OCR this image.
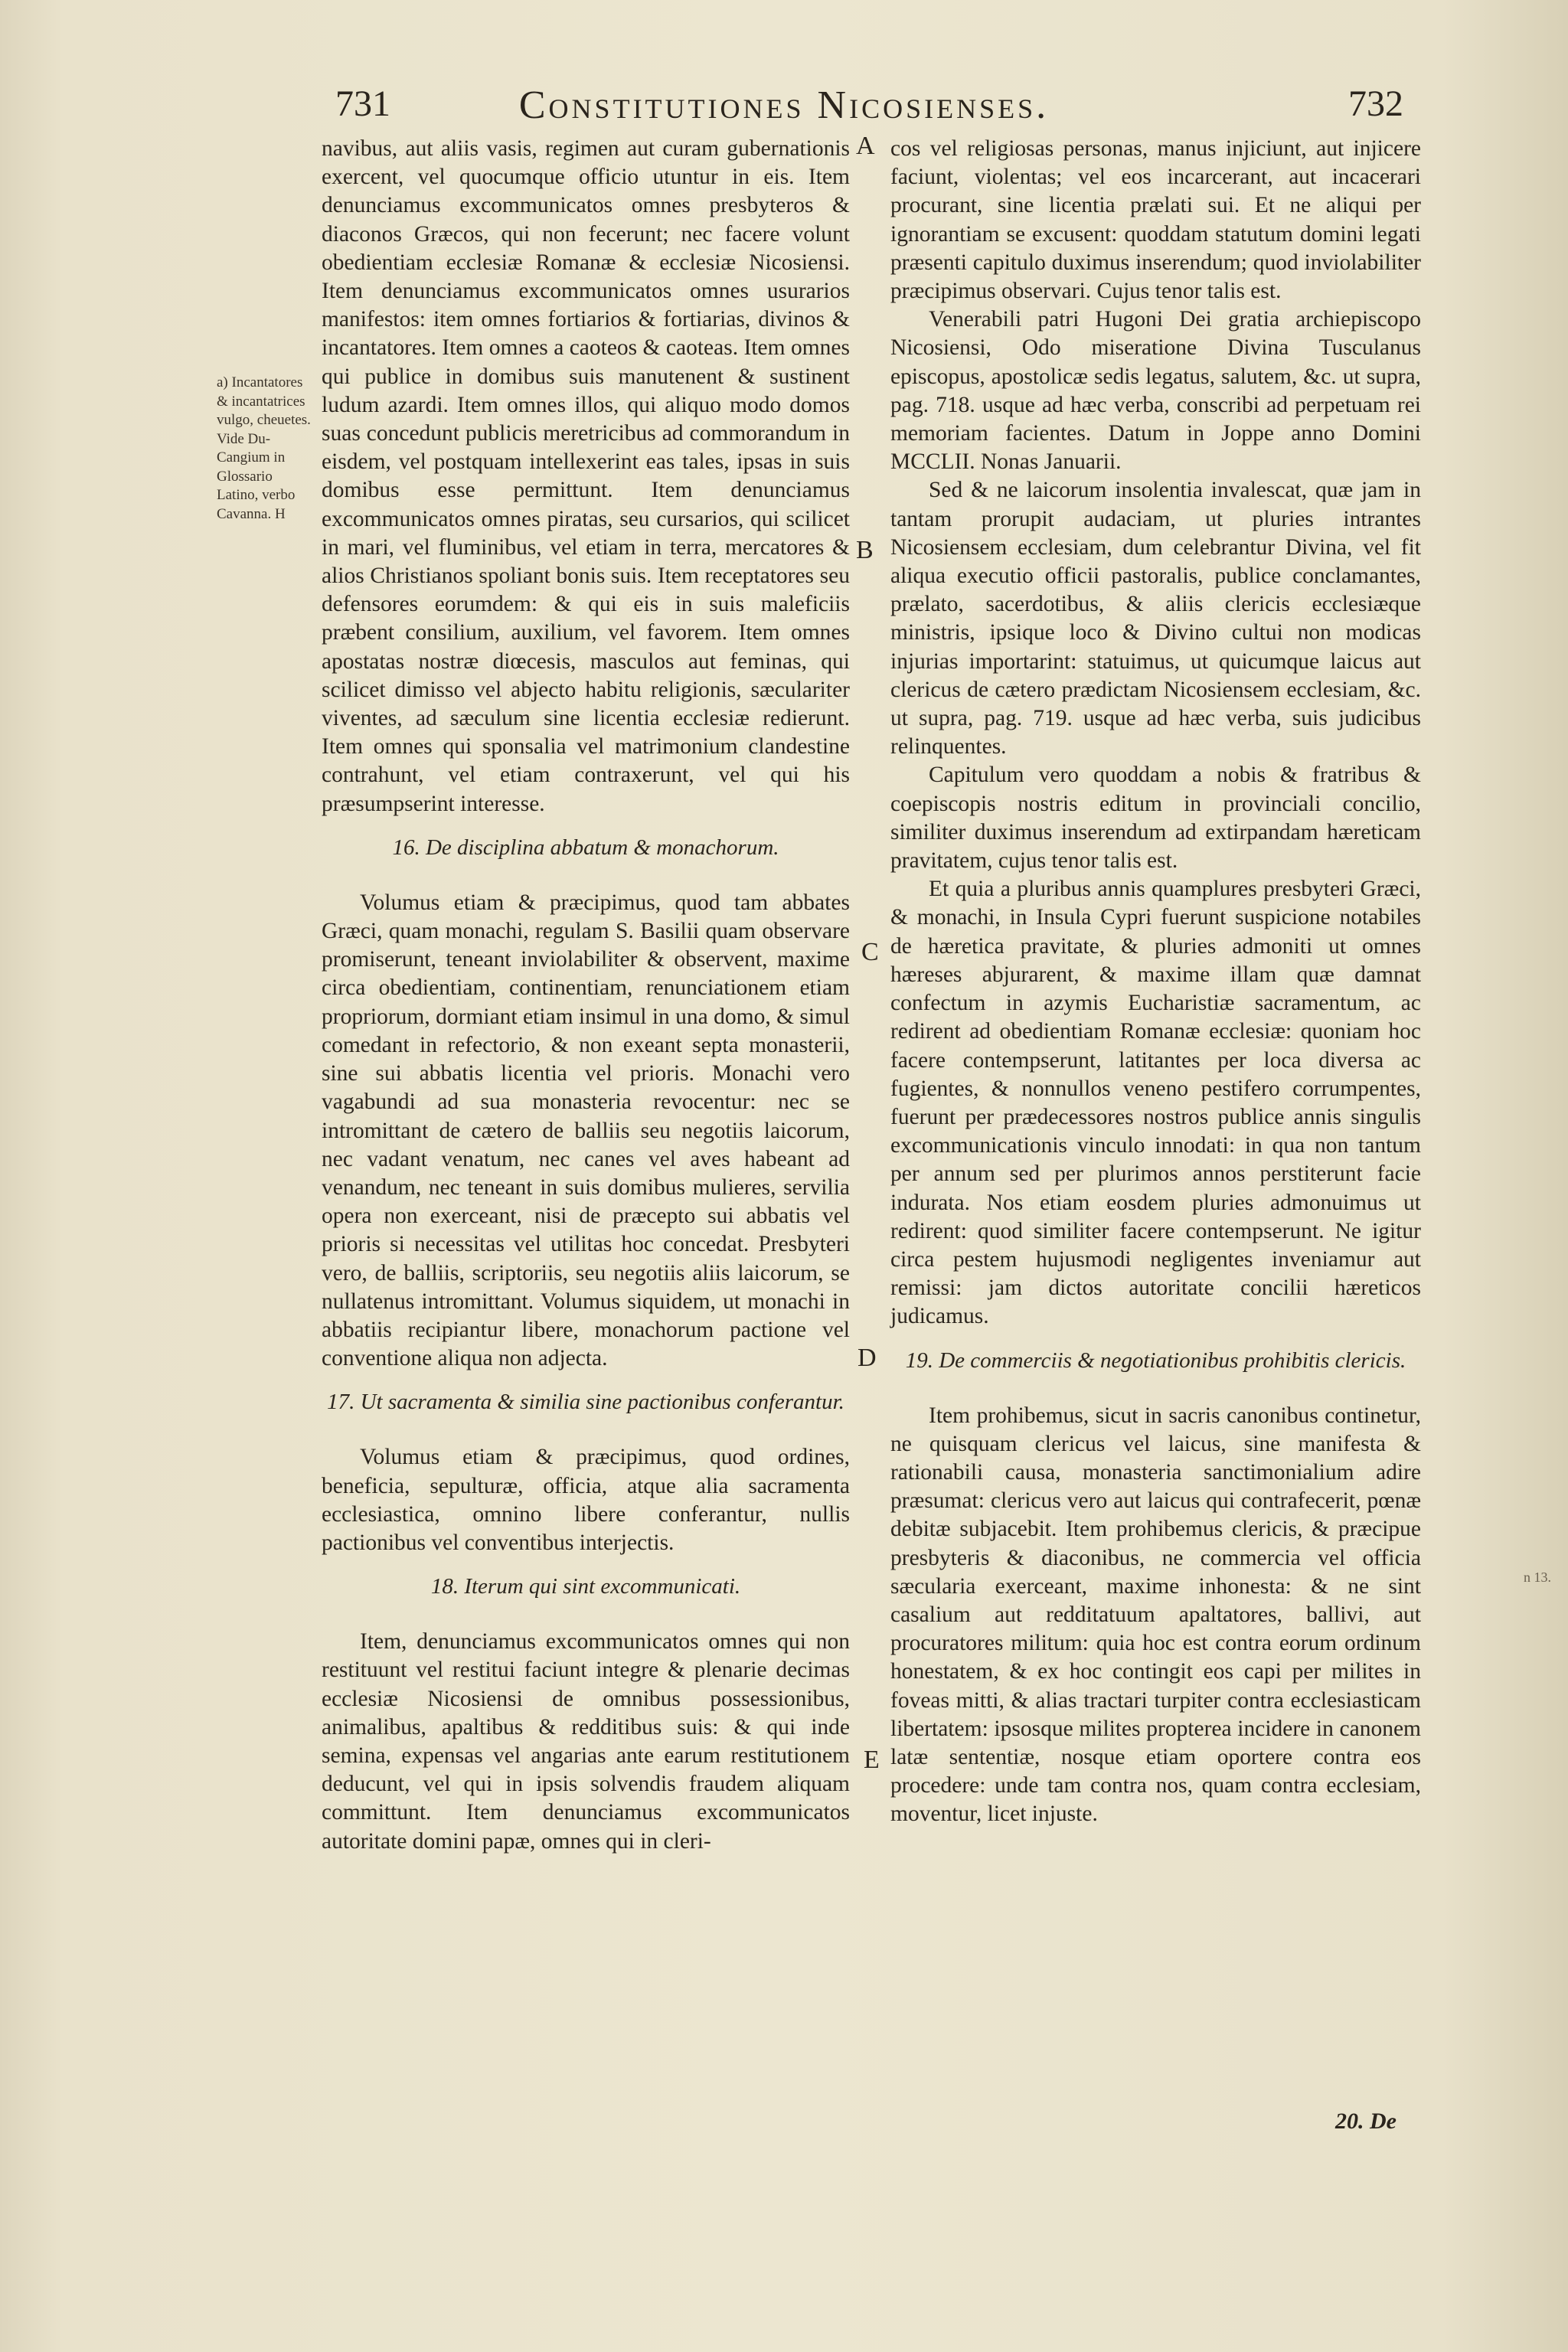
731	Constitutiones Nicosienses.	732
a) Incantatores & incantatrices vulgo, cheuetes. Vide Du-Cangium in Glossario Latino, verbo Cavanna. H
A
B
C
D
E

navibus, aut aliis vasis, regimen aut curam gubernationis exercent, vel quocumque officio utuntur in eis. Item denunciamus excommunicatos omnes presbyteros & diaconos Græcos, qui non fecerunt; nec facere volunt obedientiam ecclesiæ Romanæ & ecclesiæ Nicosiensi. Item denunciamus excommunicatos omnes usurarios manifestos: item omnes fortiarios & fortiarias, divinos & incantatores. Item omnes a caoteos & caoteas. Item omnes qui publice in domibus suis manutenent & sustinent ludum azardi. Item omnes illos, qui aliquo modo domos suas concedunt publicis meretricibus ad commorandum in eisdem, vel postquam intellexerint eas tales, ipsas in suis domibus esse permittunt. Item denunciamus excommunicatos omnes piratas, seu cursarios, qui scilicet in mari, vel fluminibus, vel etiam in terra, mercatores & alios Christianos spoliant bonis suis. Item receptatores seu defensores eorumdem: & qui eis in suis maleficiis præbent consilium, auxilium, vel favorem. Item omnes apostatas nostræ diœcesis, masculos aut feminas, qui scilicet dimisso vel abjecto habitu religionis, sæculariter viventes, ad sæculum sine licentia ecclesiæ redierunt. Item omnes qui sponsalia vel matrimonium clandestine contrahunt, vel etiam contraxerunt, vel qui his præsumpserint interesse.

16. De disciplina abbatum & monachorum.

Volumus etiam & præcipimus, quod tam abbates Græci, quam monachi, regulam S. Basilii quam observare promiserunt, teneant inviolabiliter & observent, maxime circa obedientiam, continentiam, renunciationem etiam propriorum, dormiant etiam insimul in una domo, & simul comedant in refectorio, & non exeant septa monasterii, sine sui abbatis licentia vel prioris. Monachi vero vagabundi ad sua monasteria revocentur: nec se intromittant de cætero de balliis seu negotiis laicorum, nec vadant venatum, nec canes vel aves habeant ad venandum, nec teneant in suis domibus mulieres, servilia opera non exerceant, nisi de præcepto sui abbatis vel prioris si necessitas vel utilitas hoc concedat. Presbyteri vero, de balliis, scriptoriis, seu negotiis aliis laicorum, se nullatenus intromittant. Volumus siquidem, ut monachi in abbatiis recipiantur libere, monachorum pactione vel conventione aliqua non adjecta.

17. Ut sacramenta & similia sine pactionibus conferantur.

Volumus etiam & præcipimus, quod ordines, beneficia, sepulturæ, officia, atque alia sacramenta ecclesiastica, omnino libere conferantur, nullis pactionibus vel conventibus interjectis.

18. Iterum qui sint excommunicati.

Item, denunciamus excommunicatos omnes qui non restituunt vel restitui faciunt integre & plenarie decimas ecclesiæ Nicosiensi de omnibus possessionibus, animalibus, apaltibus & redditibus suis: & qui inde semina, expensas vel angarias ante earum restitutionem deducunt, vel qui in ipsis solvendis fraudem aliquam committunt. Item denunciamus excommunicatos autoritate domini papæ, omnes qui in cleri-

cos vel religiosas personas, manus injiciunt, aut injicere faciunt, violentas; vel eos incarcerant, aut incacerari procurant, sine licentia prælati sui. Et ne aliqui per ignorantiam se excusent: quoddam statutum domini legati præsenti capitulo duximus inserendum; quod inviolabiliter præcipimus observari. Cujus tenor talis est.

Venerabili patri Hugoni Dei gratia archiepiscopo Nicosiensi, Odo miseratione Divina Tusculanus episcopus, apostolicæ sedis legatus, salutem, &c. ut supra, pag. 718. usque ad hæc verba, conscribi ad perpetuam rei memoriam facientes. Datum in Joppe anno Domini MCCLII. Nonas Januarii.

Sed & ne laicorum insolentia invalescat, quæ jam in tantam prorupit audaciam, ut pluries intrantes Nicosiensem ecclesiam, dum celebrantur Divina, vel fit aliqua executio officii pastoralis, publice conclamantes, prælato, sacerdotibus, & aliis clericis ecclesiæque ministris, ipsique loco & Divino cultui non modicas injurias importarint: statuimus, ut quicumque laicus aut clericus de cætero prædictam Nicosiensem ecclesiam, &c. ut supra, pag. 719. usque ad hæc verba, suis judicibus relinquentes.

Capitulum vero quoddam a nobis & fratribus & coepiscopis nostris editum in provinciali concilio, similiter duximus inserendum ad extirpandam hæreticam pravitatem, cujus tenor talis est.

Et quia a pluribus annis quamplures presbyteri Græci, & monachi, in Insula Cypri fuerunt suspicione notabiles de hæretica pravitate, & pluries admoniti ut omnes hæreses abjurarent, & maxime illam quæ damnat confectum in azymis Eucharistiæ sacramentum, ac redirent ad obedientiam Romanæ ecclesiæ: quoniam hoc facere contempserunt, latitantes per loca diversa ac fugientes, & nonnullos veneno pestifero corrumpentes, fuerunt per prædecessores nostros publice annis singulis excommunicationis vinculo innodati: in qua non tantum per annum sed per plurimos annos perstiterunt facie indurata. Nos etiam eosdem pluries admonuimus ut redirent: quod similiter facere contempserunt. Ne igitur circa pestem hujusmodi negligentes inveniamur aut remissi: jam dictos autoritate concilii hæreticos judicamus.

19. De commerciis & negotiationibus prohibitis clericis.

Item prohibemus, sicut in sacris canonibus continetur, ne quisquam clericus vel laicus, sine manifesta & rationabili causa, monasteria sanctimonialium adire præsumat: clericus vero aut laicus qui contrafecerit, pœnæ debitæ subjacebit. Item prohibemus clericis, & præcipue presbyteris & diaconibus, ne commercia vel officia sæcularia exerceant, maxime inhonesta: & ne sint casalium aut redditatuum apaltatores, ballivi, aut procuratores militum: quia hoc est contra eorum ordinum honestatem, & ex hoc contingit eos capi per milites in foveas mitti, & alias tractari turpiter contra ecclesiasticam libertatem: ipsosque milites propterea incidere in canonem latæ sententiæ, nosque etiam oportere contra eos procedere: unde tam contra nos, quam contra ecclesiam, moventur, licet injuste.

20. De
n 13.
